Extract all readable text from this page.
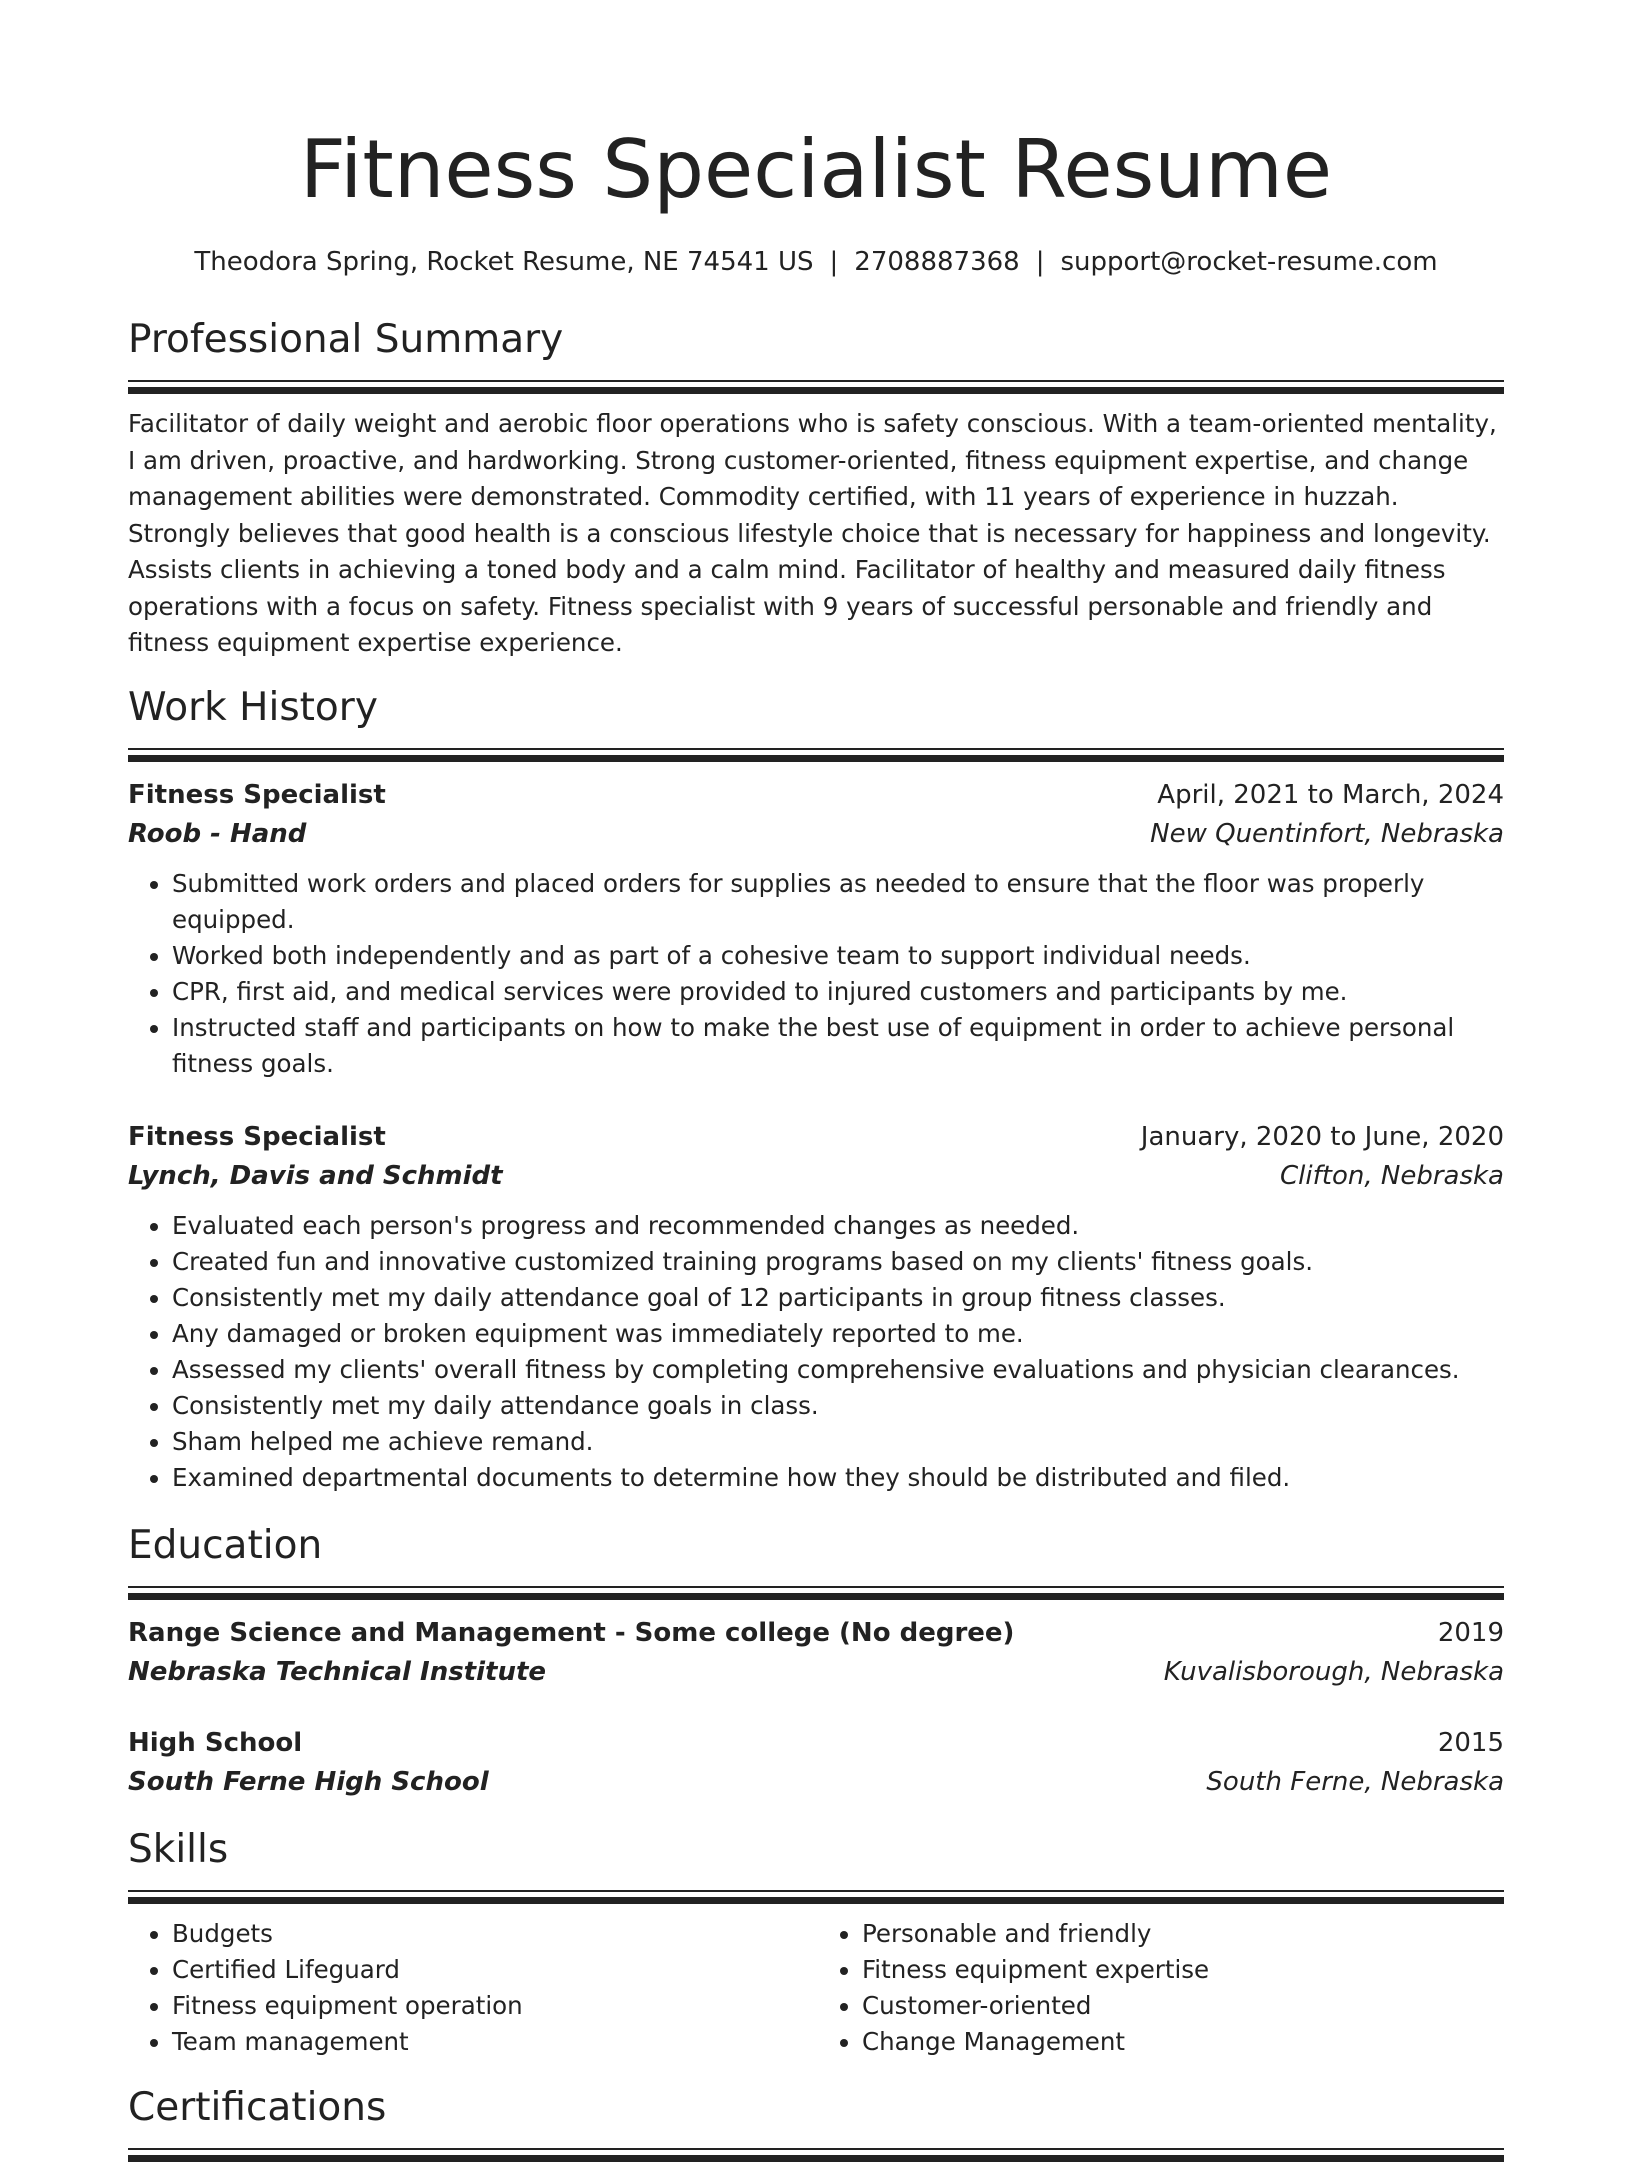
Fitness Specialist Resume
Theodora Spring, Rocket Resume, NE 74541 US | 2708887368 | support@rocket-resume.com
Professional Summary
Facilitator of daily weight and aerobic floor operations who is safety conscious. With a team-oriented mentality, I am driven, proactive, and hardworking. Strong customer-oriented, fitness equipment expertise, and change management abilities were demonstrated. Commodity certified, with 11 years of experience in huzzah. Strongly believes that good health is a conscious lifestyle choice that is necessary for happiness and longevity. Assists clients in achieving a toned body and a calm mind. Facilitator of healthy and measured daily fitness operations with a focus on safety. Fitness specialist with 9 years of successful personable and friendly and fitness equipment expertise experience.
Work History
Fitness Specialist	April, 2021 to March, 2024
Roob - Hand	New Quentinfort, Nebraska
• Submitted work orders and placed orders for supplies as needed to ensure that the floor was properly equipped.
• Worked both independently and as part of a cohesive team to support individual needs.
• CPR, first aid, and medical services were provided to injured customers and participants by me.
• Instructed staff and participants on how to make the best use of equipment in order to achieve personal fitness goals.
Fitness Specialist	January, 2020 to June, 2020
Lynch, Davis and Schmidt	Clifton, Nebraska
• Evaluated each person's progress and recommended changes as needed.
• Created fun and innovative customized training programs based on my clients' fitness goals.
• Consistently met my daily attendance goal of 12 participants in group fitness classes.
• Any damaged or broken equipment was immediately reported to me.
• Assessed my clients' overall fitness by completing comprehensive evaluations and physician clearances.
• Consistently met my daily attendance goals in class.
• Sham helped me achieve remand.
• Examined departmental documents to determine how they should be distributed and filed.
Education
Range Science and Management - Some college (No degree)	2019
Nebraska Technical Institute	Kuvalisborough, Nebraska
High School	2015
South Ferne High School	South Ferne, Nebraska
Skills
• Budgets
• Certified Lifeguard
• Fitness equipment operation
• Team management
• Personable and friendly
• Fitness equipment expertise
• Customer-oriented
• Change Management
Certifications
